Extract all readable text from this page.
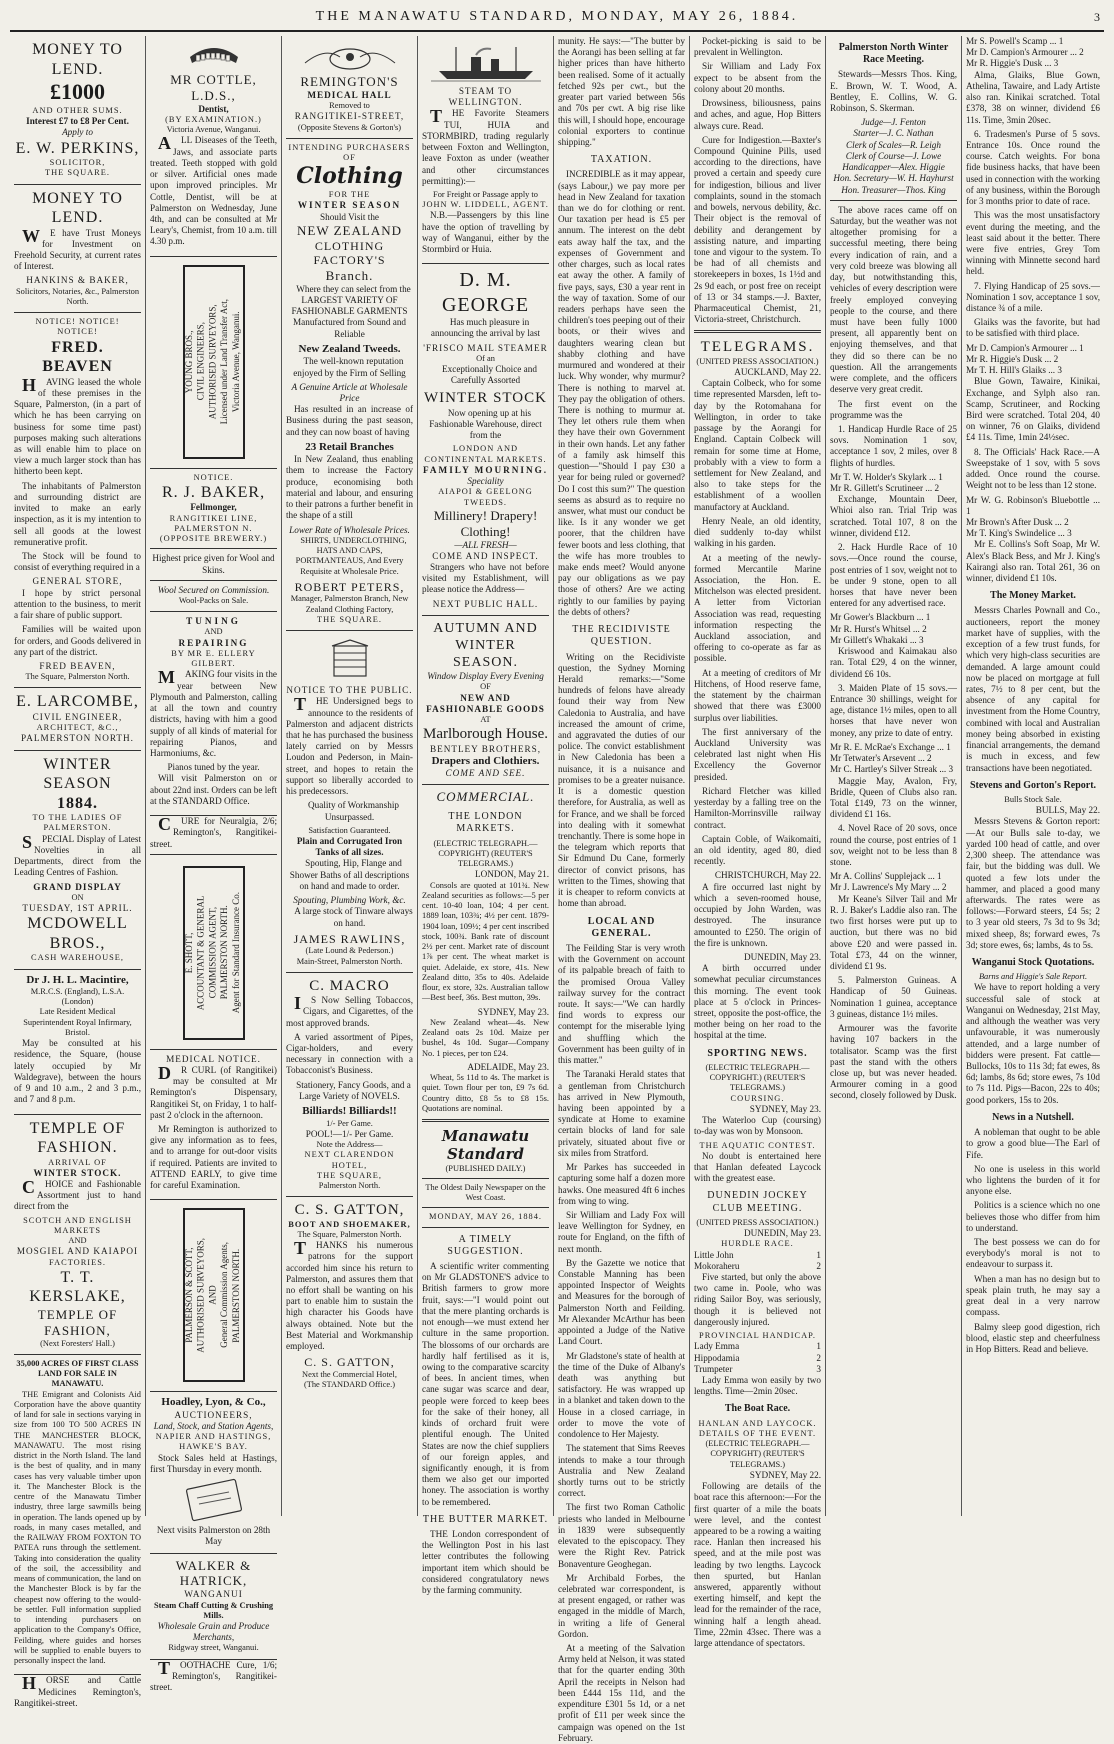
THE MANAWATU STANDARD, MONDAY, MAY 26, 1884.	3
MONEY TO LEND.
£1000
AND OTHER SUMS.
Interest £7 to £8 Per Cent.
Apply to
E. W. PERKINS,
SOLICITOR,
THE SQUARE.
MONEY TO LEND.

WE have Trust Moneys for Investment on Freehold Security, at current rates of Interest.

HANKINS & BAKER,
Solicitors, Notaries, &c., Palmerston North.
NOTICE! NOTICE! NOTICE!
FRED. BEAVEN

HAVING leased the whole of these premises in the Square, Palmerston, (in a part of which he has been carrying on business for some time past) purposes making such alterations as will enable him to place on view a much larger stock than has hitherto been kept.

The inhabitants of Palmerston and surrounding district are invited to make an early inspection, as it is my intention to sell all goods at the lowest remunerative profit.

The Stock will be found to consist of everything required in a

GENERAL STORE,

I hope by strict personal attention to the business, to merit a fair share of public support.

Families will be waited upon for orders, and Goods delivered in any part of the district.

FRED BEAVEN,
The Square, Palmerston North.
E. LARCOMBE,
CIVIL ENGINEER,
ARCHITECT, &C.,
PALMERSTON NORTH.
WINTER SEASON
1884.
TO THE LADIES OF PALMERSTON.

SPECIAL Display of Latest Novelties in all Departments, direct from the Leading Centres of Fashion.

GRAND DISPLAY
ON
TUESDAY, 1ST APRIL.
MCDOWELL BROS.,
CASH WAREHOUSE,
Dr J. H. L. Macintire,
M.R.C.S. (England), L.S.A. (London)
Late Resident Medical Superintendent Royal Infirmary, Bristol.

May be consulted at his residence, the Square, (house lately occupied by Mr Waldegrave), between the hours of 9 and 10 a.m., 2 and 3 p.m., and 7 and 8 p.m.

TEMPLE OF FASHION.
ARRIVAL OF
WINTER STOCK.

CHOICE and Fashionable Assortment just to hand direct from the

SCOTCH AND ENGLISH MARKETS
AND
MOSGIEL AND KAIAPOI
FACTORIES.
T. T. KERSLAKE,
TEMPLE OF FASHION,
(Next Foresters' Hall.)
35,000 ACRES OF FIRST CLASS LAND FOR SALE IN MANAWATU.

THE Emigrant and Colonists Aid Corporation have the above quantity of land for sale in sections varying in size from 100 TO 500 ACRES IN THE MANCHESTER BLOCK, MANAWATU. The most rising district in the North Island. The land is the best of quality, and in many cases has very valuable timber upon it. The Manchester Block is the centre of the Manawatu Timber industry, three large sawmills being in operation. The lands opened up by roads, in many cases metalled, and the RAILWAY FROM FOXTON TO PATEA runs through the settlement. Taking into consideration the quality of the soil, the accessibility and means of communication, the land on the Manchester Block is by far the cheapest now offering to the would-be settler. Full information supplied to intending purchasers on application to the Company's Office, Feilding, where guides and horses will be supplied to enable buyers to personally inspect the land.

HORSE and Cattle Medicines Remington's, Rangitikei-street.

MR COTTLE, L.D.S.,
Dentist,
(BY EXAMINATION.)
Victoria Avenue, Wanganui.

ALL Diseases of the Teeth, Jaws, and associate parts treated. Teeth stopped with gold or silver. Artificial ones made upon improved principles. Mr Cottle, Dentist, will be at Palmerston on Wednesday, June 4th, and can be consulted at Mr Leary's, Chemist, from 10 a.m. till 4.30 p.m.

YOUNG BROS.,
CIVIL ENGINEERS,
AUTHORISED SURVEYORS,
Licensed under Land Transfer Act,
Victoria Avenue, Wanganui.
NOTICE.
R. J. BAKER,
Fellmonger,
RANGITIKEI LINE, PALMERSTON N. (OPPOSITE BREWERY.)
Highest price given for Wool and Skins.
Wool Secured on Commission.
Wool-Packs on Sale.
TUNING
AND
REPAIRING
BY MR E. ELLERY GILBERT.

MAKING four visits in the year between New Plymouth and Palmerston, calling at all the town and country districts, having with him a good supply of all kinds of material for repairing Pianos, and Harmoniums, &c.

Pianos tuned by the year.

Will visit Palmerston on or about 22nd inst. Orders can be left at the STANDARD Office.

CURE for Neuralgia, 2/6; Remington's, Rangitikei-street.

E. SHOTT,
ACCOUNTANT & GENERAL
COMMISSION AGENT,
PALMERSTON NORTH.
Agent for Standard Insurance Co.
MEDICAL NOTICE.

DR CURL (of Rangitikei) may be consulted at Mr Remington's Dispensary, Rangitikei St, on Friday, 1 to half-past 2 o'clock in the afternoon.

Mr Remington is authorized to give any information as to fees, and to arrange for out-door visits if required. Patients are invited to ATTEND EARLY, to give time for careful Examination.

PALMERSON & SCOTT,
AUTHORISED SURVEYORS,
AND
General Commission Agents,
PALMERSTON NORTH.
Hoadley, Lyon, & Co.,
AUCTIONEERS,
Land, Stock, and Station Agents,
NAPIER AND HASTINGS, HAWKE'S BAY.

Stock Sales held at Hastings, first Thursday in every month.

Next visits Palmerston on 28th May
WALKER & HATRICK,
WANGANUI
Steam Chaff Cutting & Crushing Mills.
Wholesale Grain and Produce Merchants,
Ridgway street, Wanganui.

TOOTHACHE Cure, 1/6; Remington's, Rangitikei-street.

REMINGTON'S
MEDICAL HALL
Removed to
RANGITIKEI-STREET,
(Opposite Stevens & Gorton's)
INTENDING PURCHASERS OF
Clothing
FOR THE
WINTER SEASON
Should Visit the
NEW ZEALAND
CLOTHING FACTORY'S
Branch.

Where they can select from the LARGEST VARIETY OF FASHIONABLE GARMENTS Manufactured from Sound and Reliable

New Zealand Tweeds.

The well-known reputation enjoyed by the Firm of Selling

A Genuine Article at Wholesale Price

Has resulted in an increase of Business during the past season, and they can now boast of having

23 Retail Branches

In New Zealand, thus enabling them to increase the Factory produce, economising both material and labour, and ensuring to their patrons a further benefit in the shape of a still

Lower Rate of Wholesale Prices.

SHIRTS, UNDERCLOTHING, HATS AND CAPS, PORTMANTEAUS, And Every Requisite at Wholesale Price.

ROBERT PETERS,
Manager, Palmerston Branch, New Zealand Clothing Factory,
THE SQUARE.
NOTICE TO THE PUBLIC.

THE Undersigned begs to announce to the residents of Palmerston and adjacent districts that he has purchased the business lately carried on by Messrs Loudon and Pederson, in Main-street, and hopes to retain the support so liberally accorded to his predecessors.

Quality of Workmanship Unsurpassed.

Satisfaction Guaranteed.
Plain and Corrugated Iron Tanks of all sizes.

Spouting, Hip, Flange and Shower Baths of all descriptions on hand and made to order.

Spouting, Plumbing Work, &c.

A large stock of Tinware always on hand.

JAMES RAWLINS,
(Late Lound & Pederson.)
Main-Street, Palmerston North.
C. MACRO

IS Now Selling Tobaccos, Cigars, and Cigarettes, of the most approved brands.

A varied assortment of Pipes, Cigar-holders, and every necessary in connection with a Tobacconist's Business.

Stationery, Fancy Goods, and a Large Variety of NOVELS.

Billiards! Billiards!!
1/- Per Game.
POOL!—1/- Per Game.
Note the Address—
NEXT CLARENDON HOTEL,
THE SQUARE,
Palmerston North.
C. S. GATTON,
BOOT AND SHOEMAKER,
The Square, Palmerston North.

THANKS his numerous patrons for the support accorded him since his return to Palmerston, and assures them that no effort shall be wanting on his part to enable him to sustain the high character his Goods have always obtained. Note but the Best Material and Workmanship employed.

C. S. GATTON,
Next the Commercial Hotel,
(The STANDARD Office.)
STEAM TO WELLINGTON.

THE Favorite Steamers TUI, HUIA and STORMBIRD, trading regularly between Foxton and Wellington, leave Foxton as under (weather and other circumstances permitting):—

For Freight or Passage apply to
JOHN W. LIDDELL, AGENT.

N.B.—Passengers by this line have the option of travelling by way of Wanganui, either by the Stormbird or Huia.

D. M. GEORGE

Has much pleasure in announcing the arrival by last

'FRISCO MAIL STEAMER
Of an

Exceptionally Choice and Carefully Assorted

WINTER STOCK

Now opening up at his Fashionable Warehouse, direct from the

LONDON AND CONTINENTAL MARKETS.
FAMILY MOURNING.
Speciality
AIAPOI & GEELONG TWEEDS.
Millinery! Drapery! Clothing!
—ALL FRESH—
COME AND INSPECT.

Strangers who have not before visited my Establishment, will please notice the Address—

NEXT PUBLIC HALL.
AUTUMN AND WINTER SEASON.
Window Display Every Evening
OF
NEW AND FASHIONABLE GOODS
AT
Marlborough House.
BENTLEY BROTHERS,
Drapers and Clothiers.
COME AND SEE.
COMMERCIAL.
THE LONDON MARKETS.
(ELECTRIC TELEGRAPH.—COPYRIGHT) (REUTER'S TELEGRAMS.)
LONDON, May 21.

Consols are quoted at 101¾. New Zealand securities as follows:—5 per cent. 10-40 loan, 104; 4 per cent. 1889 loan, 103¾; 4½ per cent. 1879-1904 loan, 109½; 4 per cent inscribed stock, 100¾. Bank rate of discount 2½ per cent. Market rate of discount 1⅞ per cent. The wheat market is quiet. Adelaide, ex store, 41s. New Zealand ditto, 35s to 40s. Adelaide flour, ex store, 32s. Australian tallow—Best beef, 36s. Best mutton, 39s.

SYDNEY, May 23.

New Zealand wheat—4s. New Zealand oats 2s 10d. Maize per bushel, 4s 10d. Sugar—Company No. 1 pieces, per ton £24.

ADELAIDE, May 23.

Wheat, 5s 11d to 4s. The market is quiet. Town flour per ton, £9 7s 6d. Country ditto, £8 5s to £8 15s. Quotations are nominal.

Manawatu Standard
(PUBLISHED DAILY.)
The Oldest Daily Newspaper on the West Coast.
MONDAY, MAY 26, 1884.
A TIMELY SUGGESTION.

A scientific writer commenting on Mr GLADSTONE'S advice to British farmers to grow more fruit, says:—"I would point out that the mere planting orchards is not enough—we must extend her culture in the same proportion. The blossoms of our orchards are hardly half fertilised as it is, owing to the comparative scarcity of bees. In ancient times, when cane sugar was scarce and dear, people were forced to keep bees for the sake of their honey, all kinds of orchard fruit were plentiful enough. The United States are now the chief suppliers of our foreign apples, and significantly enough, it is from them we also get our imported honey. The association is worthy to be remembered.

THE BUTTER MARKET.

THE London correspondent of the Wellington Post in his last letter contributes the following important item which should be considered congratulatory news by the farming community.

munity. He says:—"The butter by the Aorangi has been selling at far higher prices than have hitherto been realised. Some of it actually fetched 92s per cwt., but the greater part varied between 56s and 70s per cwt. A big rise like this will, I should hope, encourage colonial exporters to continue shipping."

TAXATION.

INCREDIBLE as it may appear, (says Labour,) we pay more per head in New Zealand for taxation than we do for clothing or rent. Our taxation per head is £5 per annum. The interest on the debt eats away half the tax, and the expenses of Government and other charges, such as local rates eat away the other. A family of five pays, says, £30 a year rent in the way of taxation. Some of our readers perhaps have seen the children's toes peeping out of their boots, or their wives and daughters wearing clean but shabby clothing and have murmured and wondered at their luck. Why wonder, why murmur? There is nothing to marvel at. They pay the obligation of others. There is nothing to murmur at. They let others rule them when they have their own Government in their own hands. Let any father of a family ask himself this question—"Should I pay £30 a year for being ruled or governed? Do I cost this sum?" The question seems as absurd as to require no answer, what must our conduct be like. Is it any wonder we get poorer, that the children have fewer boots and less clothing, that the wife has more troubles to make ends meet? Would anyone pay our obligations as we pay those of others? Are we acting rightly to our families by paying the debts of others?

THE RECIDIVISTE QUESTION.

Writing on the Recidiviste question, the Sydney Morning Herald remarks:—"Some hundreds of felons have already found their way from New Caledonia to Australia, and have increased the amount of crime, and aggravated the duties of our police. The convict establishment in New Caledonia has been a nuisance, it is a nuisance and promises to be a greater nuisance. It is a domestic question therefore, for Australia, as well as for France, and we shall be forced into dealing with it somewhat trenchantly. There is some hope in the telegram which reports that Sir Edmund Du Cane, formerly director of convict prisons, has written to the Times, showing that it is cheaper to reform convicts at home than abroad.

LOCAL AND GENERAL.

The Feilding Star is very wroth with the Government on account of its palpable breach of faith to the promised Oroua Valley railway survey for the contract route. It says:—"We can hardly find words to express our contempt for the miserable lying and shuffling which the Government has been guilty of in this matter."

The Taranaki Herald states that a gentleman from Christchurch has arrived in New Plymouth, having been appointed by a syndicate at Home to examine certain blocks of land for sale privately, situated about five or six miles from Stratford.

Mr Parkes has succeeded in capturing some half a dozen more hawks. One measured 4ft 6 inches from wing to wing.

Sir William and Lady Fox will leave Wellington for Sydney, en route for England, on the fifth of next month.

By the Gazette we notice that Constable Manning has been appointed Inspector of Weights and Measures for the borough of Palmerston North and Feilding. Mr Alexander McArthur has been appointed a Judge of the Native Land Court.

Mr Gladstone's state of health at the time of the Duke of Albany's death was anything but satisfactory. He was wrapped up in a blanket and taken down to the House in a closed carriage, in order to move the vote of condolence to Her Majesty.

The statement that Sims Reeves intends to make a tour through Australia and New Zealand shortly turns out to be strictly correct.

The first two Roman Catholic priests who landed in Melbourne in 1839 were subsequently elevated to the episcopacy. They were the Right Rev. Patrick Bonaventure Geoghegan.

Mr Archibald Forbes, the celebrated war correspondent, is at present engaged, or rather was engaged in the middle of March, in writing a life of General Gordon.

At a meeting of the Salvation Army held at Nelson, it was stated that for the quarter ending 30th April the receipts in Nelson had been £444 15s 11d, and the expenditure £301 5s 1d, or a net profit of £11 per week since the campaign was opened on the 1st February.

Pocket-picking is said to be prevalent in Wellington.

Sir William and Lady Fox expect to be absent from the colony about 20 months.

Drowsiness, biliousness, pains and aches, and ague, Hop Bitters always cure. Read.

Cure for Indigestion.—Baxter's Compound Quinine Pills, used according to the directions, have proved a certain and speedy cure for indigestion, bilious and liver complaints, sound in the stomach and bowels, nervous debility, &c. Their object is the removal of debility and derangement by assisting nature, and imparting tone and vigour to the system. To be had of all chemists and storekeepers in boxes, 1s 1½d and 2s 9d each, or post free on receipt of 13 or 34 stamps.—J. Baxter, Pharmaceutical Chemist, 21, Victoria-street, Christchurch.

TELEGRAMS.
(UNITED PRESS ASSOCIATION.)
AUCKLAND, May 22.

Captain Colbeck, who for some time represented Marsden, left to-day by the Rotomahana for Wellington, in order to take passage by the Aorangi for England. Captain Colbeck will remain for some time at Home, probably with a view to form a settlement for New Zealand, and also to take steps for the establishment of a woollen manufactory at Auckland.

Henry Neale, an old identity, died suddenly to-day whilst walking in his garden.

At a meeting of the newly-formed Mercantile Marine Association, the Hon. E. Mitchelson was elected president. A letter from Victorian Association was read, requesting information respecting the Auckland association, and offering to co-operate as far as possible.

At a meeting of creditors of Mr Hitchens, of Hood reserve fame, the statement by the chairman showed that there was £3000 surplus over liabilities.

The first anniversary of the Auckland University was celebrated last night when His Excellency the Governor presided.

Richard Fletcher was killed yesterday by a falling tree on the Hamilton-Morrinsville railway contract.

Captain Coble, of Waikomaiti, an old identity, aged 80, died recently.

CHRISTCHURCH, May 22.

A fire occurred last night by which a seven-roomed house, occupied by John Warden, was destroyed. The insurance amounted to £250. The origin of the fire is unknown.

DUNEDIN, May 23.

A birth occurred under somewhat peculiar circumstances this morning. The event took place at 5 o'clock in Princes-street, opposite the post-office, the mother being on her road to the hospital at the time.

SPORTING NEWS.
(ELECTRIC TELEGRAPH.—COPYRIGHT.) (REUTER'S TELEGRAMS.)
COURSING.
SYDNEY, May 23.

The Waterloo Cup (coursing) to-day was won by Monsoon.

THE AQUATIC CONTEST.

No doubt is entertained here that Hanlan defeated Laycock with the greatest ease.

DUNEDIN JOCKEY CLUB MEETING.
(UNITED PRESS ASSOCIATION.)
DUNEDIN, May 23.
HURDLE RACE.
Little John	1
Mokoraheru	2

Five started, but only the above two came in. Poole, who was riding Sailor Boy, was seriously, though it is believed not dangerously injured.

PROVINCIAL HANDICAP.
Lady Emma	1
Hippodamia	2
Trumpeter	3

Lady Emma won easily by two lengths. Time—2min 20sec.

The Boat Race.
HANLAN AND LAYCOCK.
DETAILS OF THE EVENT.
(ELECTRIC TELEGRAPH.—COPYRIGHT) (REUTER'S TELEGRAMS.)
SYDNEY, May 22.

Following are details of the boat race this afternoon:—For the first quarter of a mile the boats were level, and the contest appeared to be a rowing a waiting race. Hanlan then increased his speed, and at the mile post was leading by two lengths. Laycock then spurted, but Hanlan answered, apparently without exerting himself, and kept the lead for the remainder of the race, winning half a length ahead. Time, 22min 43sec. There was a large attendance of spectators.

Palmerston North Winter Race Meeting.

Stewards—Messrs Thos. King, E. Brown, W. T. Wood, A. Bentley, E. Collins, W. G. Robinson, S. Skerman.

Judge—J. Fenton
Starter—J. C. Nathan
Clerk of Scales—R. Leigh
Clerk of Course—J. Lowe
Handicapper—Alex. Higgie
Hon. Secretary—W. H. Hayhurst
Hon. Treasurer—Thos. King

The above races came off on Saturday, but the weather was not altogether promising for a successful meeting, there being every indication of rain, and a very cold breeze was blowing all day, but notwithstanding this, vehicles of every description were freely employed conveying people to the course, and there must have been fully 1000 present, all apparently bent on enjoying themselves, and that they did so there can be no question. All the arrangements were complete, and the officers deserve very great credit.

The first event on the programme was the

1. Handicap Hurdle Race of 25 sovs. Nomination 1 sov, acceptance 1 sov, 2 miles, over 8 flights of hurdles.

Mr T. W. Holder's Skylark ... 1
Mr R. Gillett's Scrutineer ... 2

Exchange, Mountain Deer, Whioi also ran. Trial Trip was scratched. Total 107, 8 on the winner, dividend £12.

2. Hack Hurdle Race of 10 sovs.—Once round the course, post entries of 1 sov, weight not to be under 9 stone, open to all horses that have never been entered for any advertised race.

Mr Gower's Blackburn ... 1
Mr R. Hurst's Whitsel ... 2
Mr Gillett's Whakaki ... 3

Kriswood and Kaimakau also ran. Total £29, 4 on the winner, dividend £6 10s.

3. Maiden Plate of 15 sovs.—Entrance 30 shillings, weight for age, distance 1½ miles, open to all horses that have never won money, any prize to date of entry.

Mr R. E. McRae's Exchange ... 1
Mr Tetwater's Arsevent ... 2
Mr C. Hartley's Silver Streak ... 3

Maggie May, Avalon, Fry, Bridle, Queen of Clubs also ran. Total £149, 73 on the winner, dividend £1 16s.

4. Novel Race of 20 sovs, once round the course, post entries of 1 sov, weight not to be less than 8 stone.

Mr A. Collins' Supplejack ... 1
Mr J. Lawrence's My Mary ... 2

Mr Keane's Silver Tail and Mr R. J. Baker's Laddie also ran. The two first horses were put up to auction, but there was no bid above £20 and were passed in. Total £73, 44 on the winner, dividend £1 9s.

5. Palmerston Guineas. A Handicap of 50 Guineas. Nomination 1 guinea, acceptance 3 guineas, distance 1½ miles.

Armourer was the favorite having 107 backers in the totalisator. Scamp was the first past the stand with the others close up, but was never headed. Armourer coming in a good second, closely followed by Dusk.

Mr S. Powell's Scamp ... 1
Mr D. Campion's Armourer ... 2
Mr R. Higgie's Dusk ... 3

Alma, Glaiks, Blue Gown, Athelina, Tawaire, and Lady Artiste also ran. Kinikai scratched. Total £378, 38 on winner, dividend £6 11s. Time, 3min 20sec.

6. Tradesmen's Purse of 5 sovs. Entrance 10s. Once round the course. Catch weights. For bona fide business hacks, that have been used in connection with the working of any business, within the Borough for 3 months prior to date of race.

This was the most unsatisfactory event during the meeting, and the least said about it the better. There were five entries, Grey Tom winning with Minnette second hard held.

7. Flying Handicap of 25 sovs.—Nomination 1 sov, acceptance 1 sov, distance ¾ of a mile.

Glaiks was the favorite, but had to be satisfied with third place.

Mr D. Campion's Armourer ... 1
Mr R. Higgie's Dusk ... 2
Mr T. H. Hill's Glaiks ... 3

Blue Gown, Tawaire, Kinikai, Exchange, and Sylph also ran. Scamp, Scrutineer, and Rocking Bird were scratched. Total 204, 40 on winner, 76 on Glaiks, dividend £4 11s. Time, 1min 24½sec.

8. The Officials' Hack Race.—A Sweepstake of 1 sov, with 5 sovs added. Once round the course. Weight not to be less than 12 stone.

Mr W. G. Robinson's Bluebottle ... 1
Mr Brown's After Dusk ... 2
Mr T. King's Swindelice ... 3

Mr E. Collins's Soft Soap, Mr W. Alex's Black Bess, and Mr J. King's Kairangi also ran. Total 261, 36 on winner, dividend £1 10s.

The Money Market.

Messrs Charles Pownall and Co., auctioneers, report the money market have of supplies, with the exception of a few trust funds, for which very high-class securities are demanded. A large amount could now be placed on mortgage at full rates, 7½ to 8 per cent, but the absence of any capital for investment from the Home Country, combined with local and Australian money being absorbed in existing financial arrangements, the demand is much in excess, and few transactions have been negotiated.

Stevens and Gorton's Report.
Bulls Stock Sale.
BULLS, May 22.

Messrs Stevens & Gorton report:—At our Bulls sale to-day, we yarded 100 head of cattle, and over 2,300 sheep. The attendance was fair, but the bidding was dull. We quoted a few lots under the hammer, and placed a good many afterwards. The rates were as follows:—Forward steers, £4 5s; 2 to 3 year old steers, 7s 3d to 9s 3d; mixed sheep, 8s; forward ewes, 7s 3d; store ewes, 6s; lambs, 4s to 5s.

Wanganui Stock Quotations.
Barns and Higgie's Sale Report.

We have to report holding a very successful sale of stock at Wanganui on Wednesday, 21st May, and although the weather was very unfavourable, it was numerously attended, and a large number of bidders were present. Fat cattle—Bullocks, 10s to 11s 3d; fat ewes, 8s 6d; lambs, 8s 6d; store ewes, 7s 10d to 7s 11d. Pigs—Bacon, 22s to 40s; good porkers, 15s to 20s.

News in a Nutshell.

A nobleman that ought to be able to grow a good blue—The Earl of Fife.

No one is useless in this world who lightens the burden of it for anyone else.

Politics is a science which no one believes those who differ from him to understand.

The best possess we can do for everybody's moral is not to endeavour to surpass it.

When a man has no design but to speak plain truth, he may say a great deal in a very narrow compass.

Balmy sleep good digestion, rich blood, elastic step and cheerfulness in Hop Bitters. Read and believe.
